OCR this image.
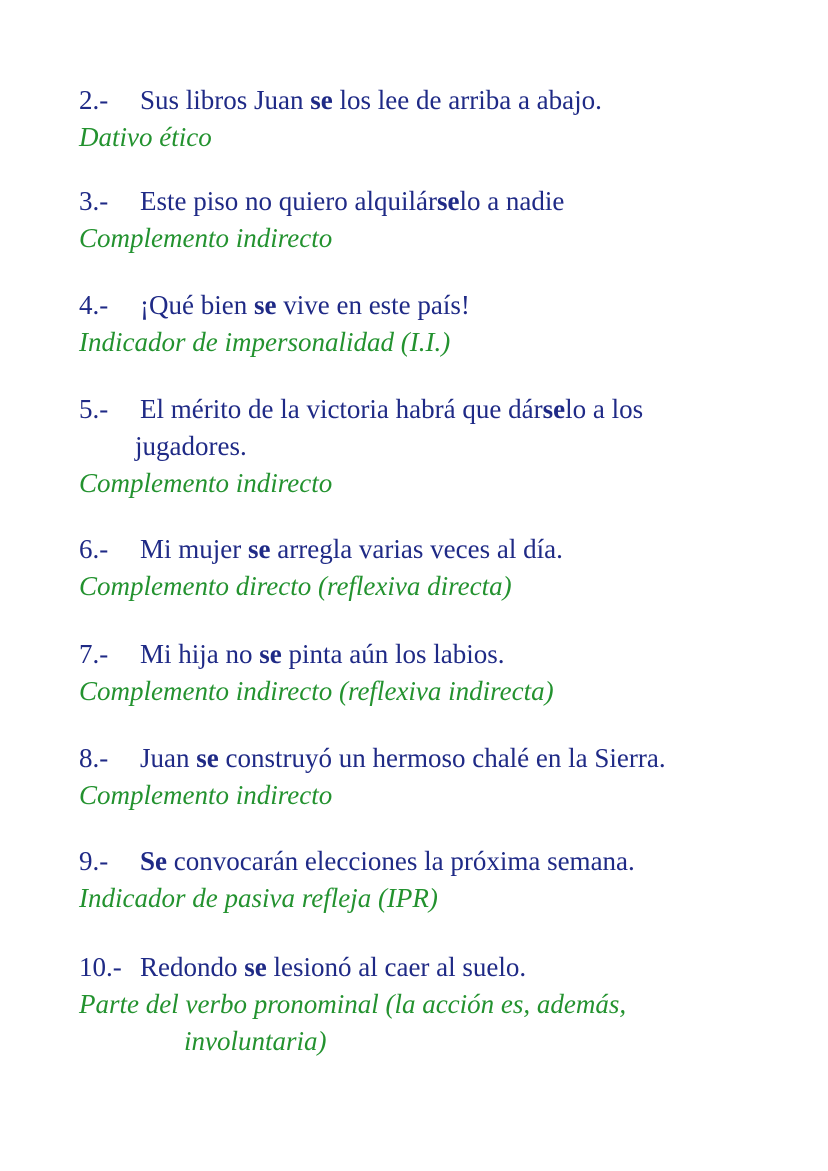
2.-	Sus libros Juan se los lee de arriba a abajo.
Dativo ético
3.-	Este piso no quiero alquilárselo a nadie
Complemento indirecto
4.-	¡Qué bien se vive en este país!
Indicador de impersonalidad (I.I.)
5.-	El mérito de la victoria habrá que dárselo a los
jugadores.
Complemento indirecto
6.-	Mi mujer se arregla varias veces al día.
Complemento directo (reflexiva directa)
7.-	Mi hija no se pinta aún los labios.
Complemento indirecto (reflexiva indirecta)
8.-	Juan se construyó un hermoso chalé en la Sierra.
Complemento indirecto
9.-	Se convocarán elecciones la próxima semana.
Indicador de pasiva refleja (IPR)
10.- Redondo se lesionó al caer al suelo.
Parte del verbo pronominal (la acción es, además,
involuntaria)
